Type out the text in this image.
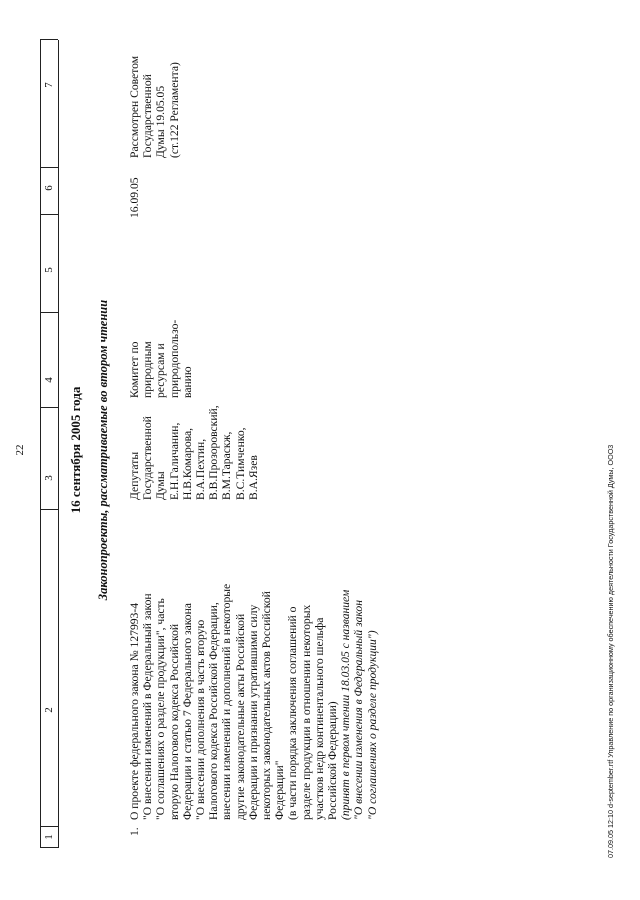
22
1
2
3
4
5
6
7
16 сентября 2005 года Законопроекты, рассматриваемые во втором чтении
1.
О проекте федерального закона № 127993-4 "О внесении изменений в Федеральный закон "О соглашениях о разделе продукции", часть вторую Налогового кодекса Российской Федерации и статью 7 Федерального закона "О внесении дополнения в часть вторую Налогового кодекса Российской Федерации, внесении изменений и дополнений в некоторые другие законодательные акты Российской Федерации и признании утратившими силу некоторых законодательных актов Российской Федерации" (в части порядка заключения соглашений о разделе продукции в отношении некоторых участков недр континентального шельфа Российской Федерации) (принят в первом чтении 18.03.05 с названием "О внесении изменения в Федеральный закон "О соглашениях о разделе продукции")
Депутаты Государственной Думы Е.Н.Галичанин, Н.В.Комарова, В.А.Пехтин, В.В.Прозоровский, В.М.Тараскж, В.С.Тимченко, В.А.Язев
Комитет по природным ресурсам и природопользо- ванию
16.09.05
Рассмотрен Советом Государственной Думы 19.05.05 (ст.122 Регламента)
07.09.05 12:10 d-september.rtf Управление по организационному обеспечению деятельности Государственной Думы, ООО3
